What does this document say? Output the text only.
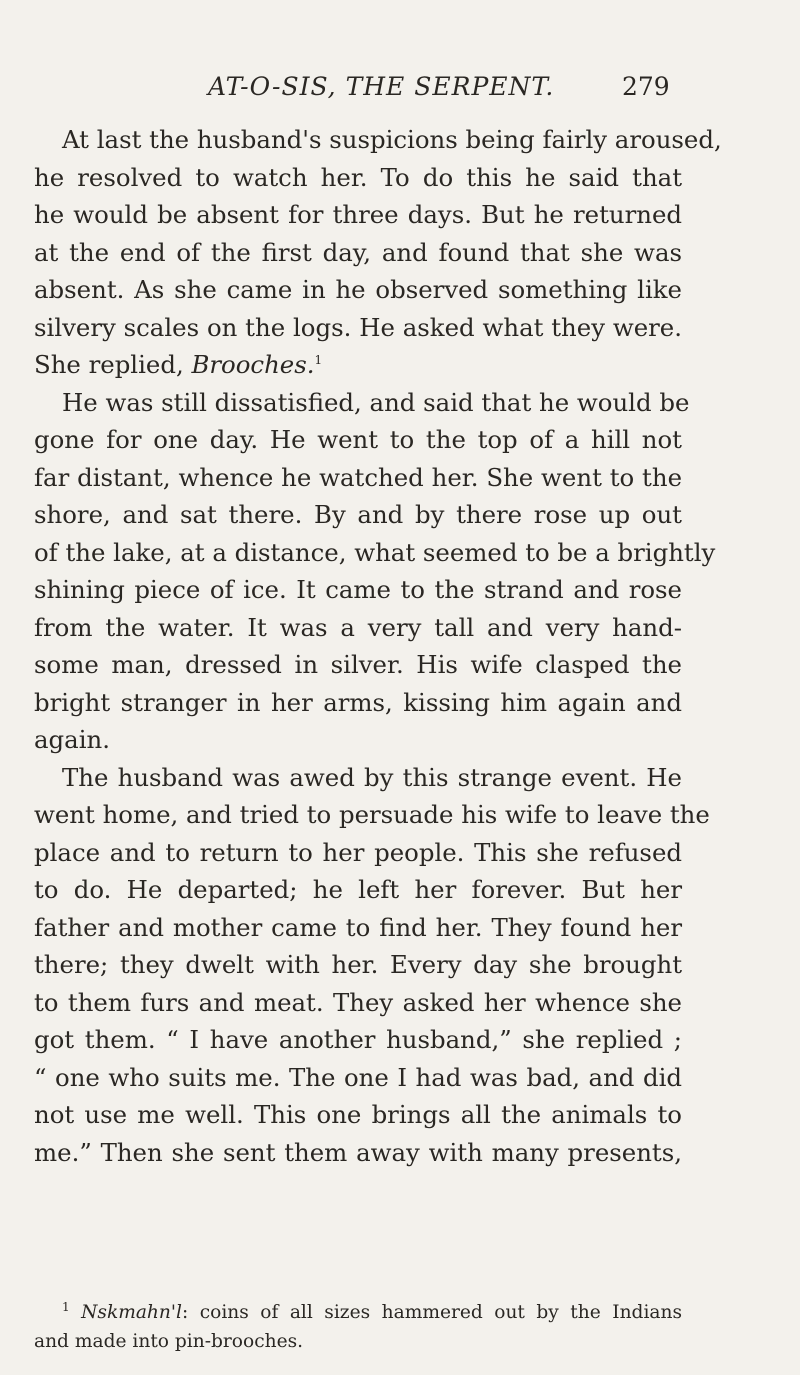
AT-O-SIS, THE SERPENT.	279
At last the husband's suspicions being fairly aroused,
he resolved to watch her. To do this he said that
he would be absent for three days. But he returned
at the end of the first day, and found that she was
absent. As she came in he observed something like
silvery scales on the logs. He asked what they were.
She replied, Brooches.$^1$
He was still dissatisfied, and said that he would be
gone for one day. He went to the top of a hill not
far distant, whence he watched her. She went to the
shore, and sat there. By and by there rose up out
of the lake, at a distance, what seemed to be a brightly
shining piece of ice. It came to the strand and rose
from the water. It was a very tall and very hand-
some man, dressed in silver. His wife clasped the
bright stranger in her arms, kissing him again and
again.
The husband was awed by this strange event. He
went home, and tried to persuade his wife to leave the
place and to return to her people. This she refused
to do. He departed; he left her forever. But her
father and mother came to find her. They found her
there; they dwelt with her. Every day she brought
to them furs and meat. They asked her whence she
got them. “ I have another husband,” she replied ;
“ one who suits me. The one I had was bad, and did
not use me well. This one brings all the animals to
me.” Then she sent them away with many presents,
$^1$ Nskmahn'l: coins of all sizes hammered out by the Indians
and made into pin-brooches.
